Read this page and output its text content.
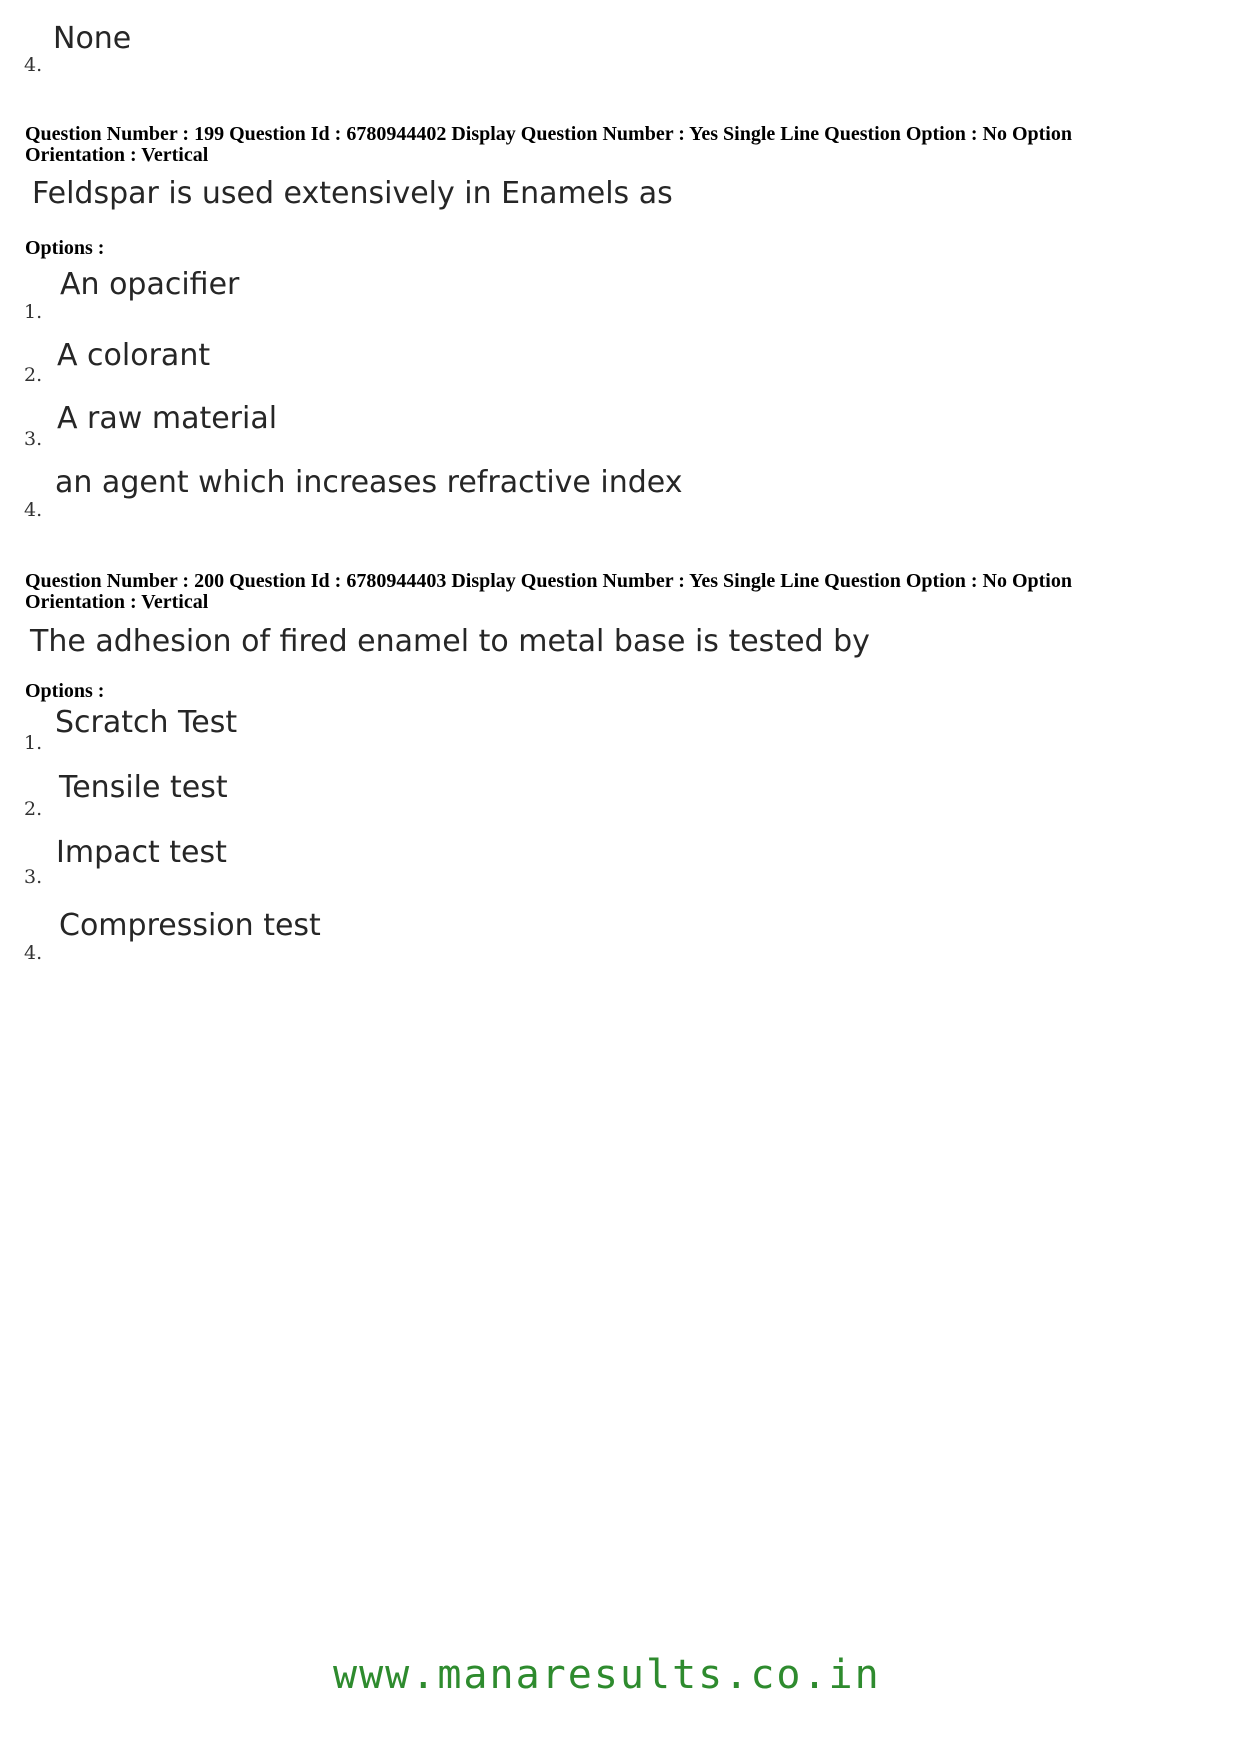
4.
None
Question Number : 199 Question Id : 6780944402 Display Question Number : Yes Single Line Question Option : No Option
Orientation : Vertical
Feldspar is used extensively in Enamels as
Options :
1.
An opacifier
2.
A colorant
3.
A raw material
4.
an agent which increases refractive index
Question Number : 200 Question Id : 6780944403 Display Question Number : Yes Single Line Question Option : No Option
Orientation : Vertical
The adhesion of fired enamel to metal base is tested by
Options :
1.
Scratch Test
2.
Tensile test
3.
Impact test
4.
Compression test
www.manaresults.co.in
